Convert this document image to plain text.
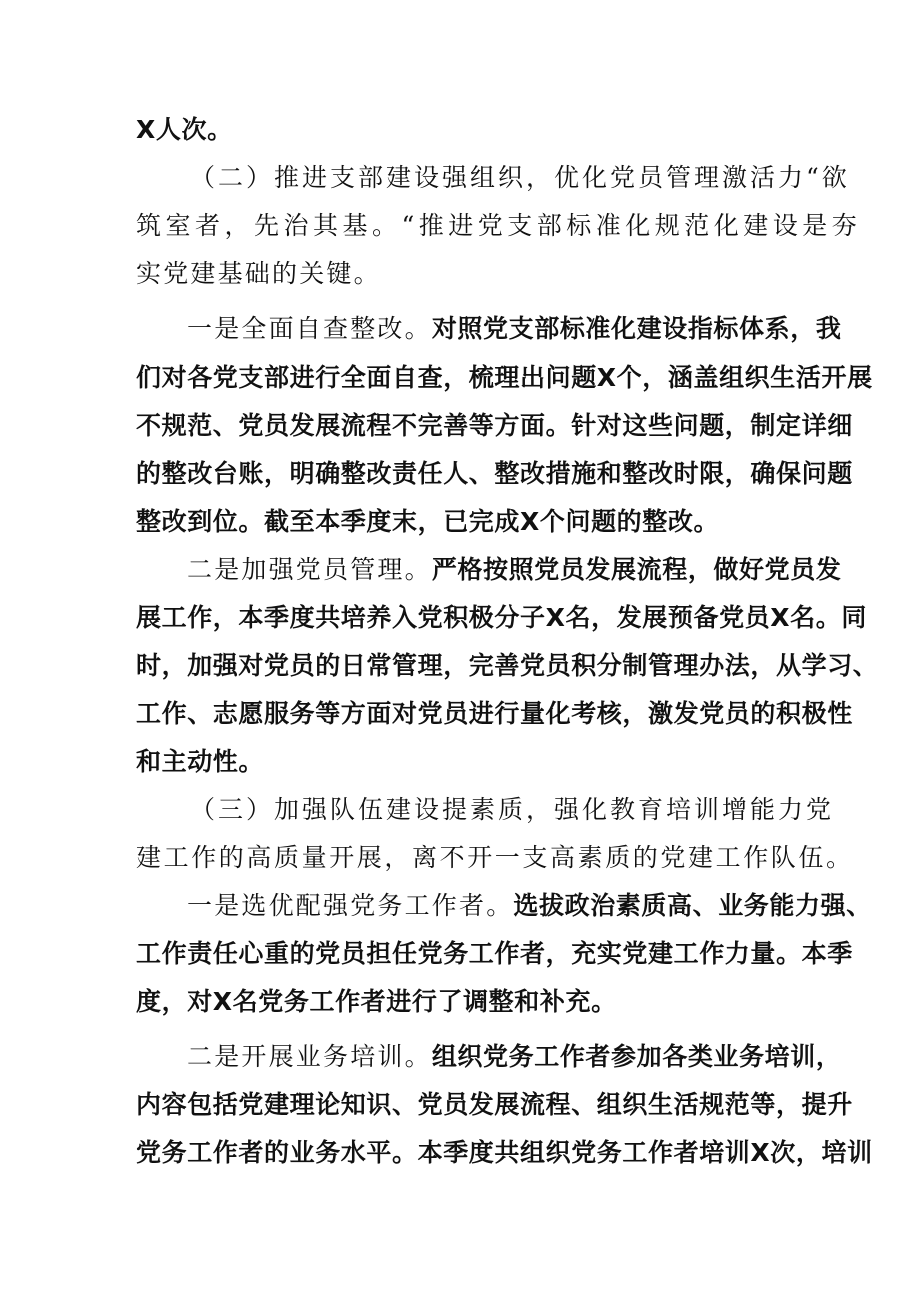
X人次。
（二）推进支部建设强组织，优化党员管理激活力“欲
筑室者，先治其基。“推进党支部标准化规范化建设是夯
实党建基础的关键。
一是全面自查整改。对照党支部标准化建设指标体系，我
们对各党支部进行全面自查，梳理出问题X个，涵盖组织生活开展
不规范、党员发展流程不完善等方面。针对这些问题，制定详细
的整改台账，明确整改责任人、整改措施和整改时限，确保问题
整改到位。截至本季度末，已完成X个问题的整改。
二是加强党员管理。严格按照党员发展流程，做好党员发
展工作，本季度共培养入党积极分子X名，发展预备党员X名。同
时，加强对党员的日常管理，完善党员积分制管理办法，从学习、
工作、志愿服务等方面对党员进行量化考核，激发党员的积极性
和主动性。
（三）加强队伍建设提素质，强化教育培训增能力党
建工作的高质量开展，离不开一支高素质的党建工作队伍。
一是选优配强党务工作者。选拔政治素质高、业务能力强、
工作责任心重的党员担任党务工作者，充实党建工作力量。本季
度，对X名党务工作者进行了调整和补充。
二是开展业务培训。组织党务工作者参加各类业务培训，
内容包括党建理论知识、党员发展流程、组织生活规范等，提升
党务工作者的业务水平。本季度共组织党务工作者培训X次，培训
